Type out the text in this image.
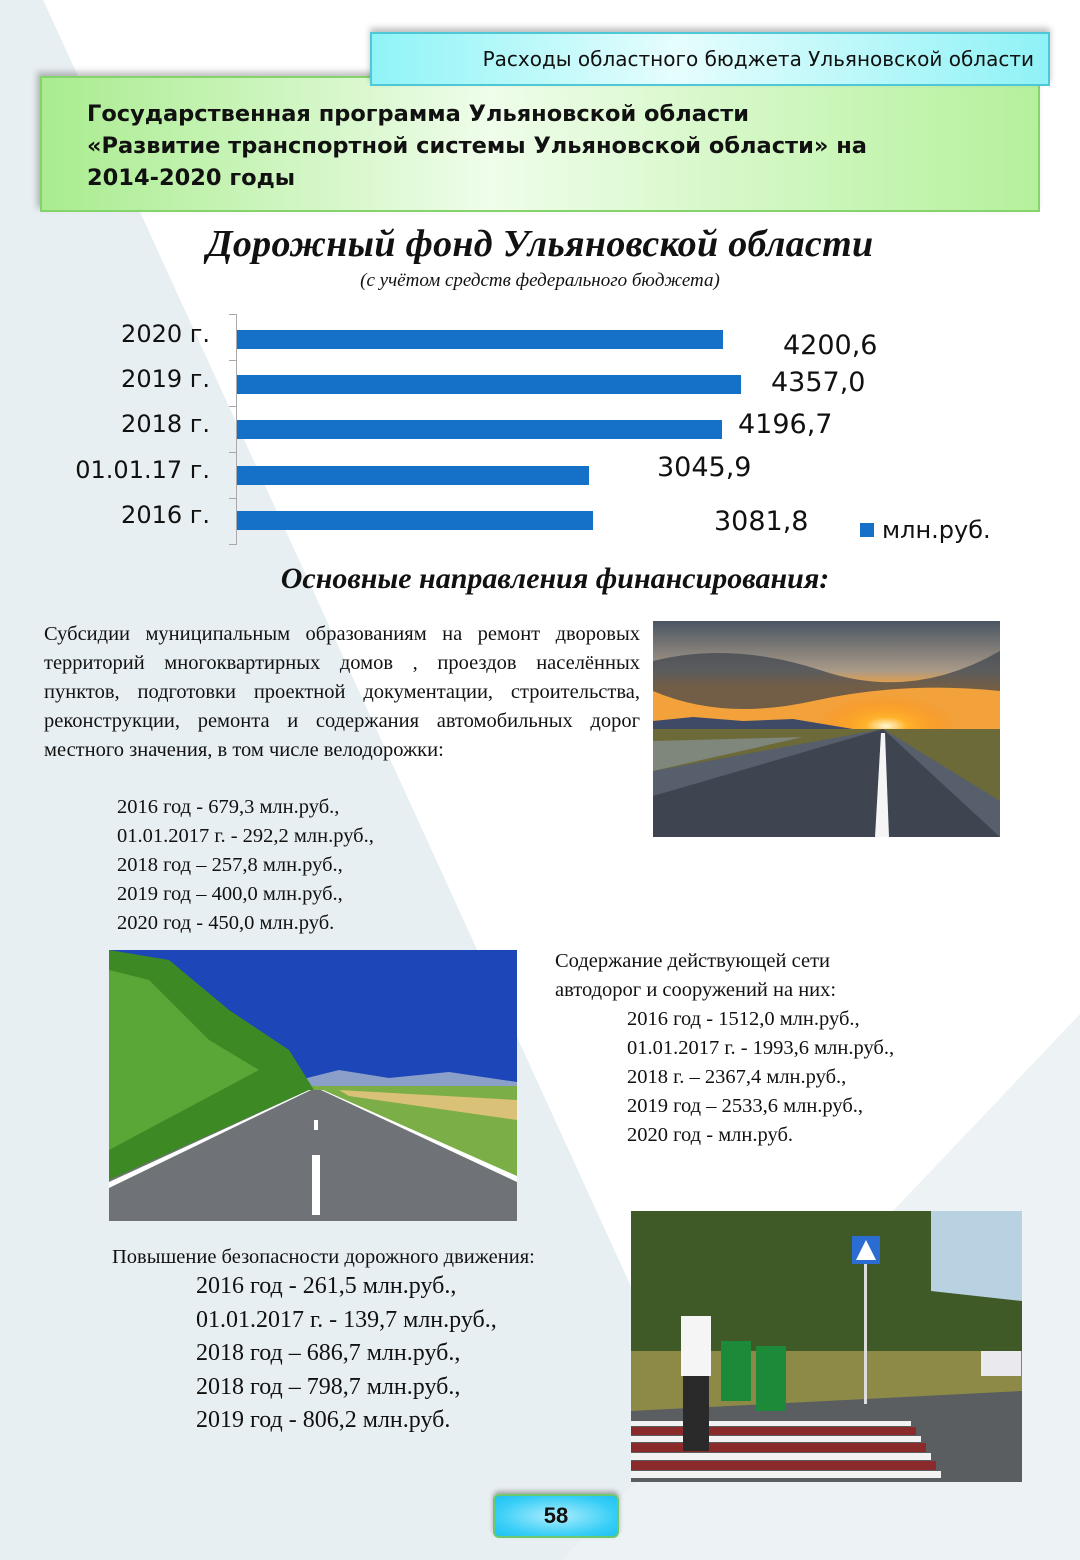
Расходы областного бюджета Ульяновской области
Государственная программа Ульяновской области
«Развитие транспортной системы Ульяновской области» на
2014-2020 годы
Дорожный фонд Ульяновской области
(с учётом средств федерального бюджета)
2020 г.	4200,6
2019 г.	4357,0
2018 г.	4196,7
01.01.17 г.	3045,9
2016 г.	3081,8	млн.руб.
Основные направления финансирования:
Субсидии муниципальным образованиям на ремонт дворовых территорий многоквартирных домов , проездов населённых пунктов, подготовки проектной документации, строительства, реконструкции, ремонта и содержания автомобильных дорог местного значения, в том числе велодорожки:
2016 год - 679,3 млн.руб.,
01.01.2017 г. - 292,2 млн.руб.,
2018 год – 257,8 млн.руб.,
2019 год – 400,0 млн.руб.,
2020 год - 450,0 млн.руб.
Содержание действующей сети
автодорог и сооружений на них:
2016 год - 1512,0 млн.руб.,
01.01.2017 г. - 1993,6 млн.руб.,
2018 г. – 2367,4 млн.руб.,
2019 год – 2533,6 млн.руб.,
2020 год - млн.руб.
Повышение безопасности дорожного движения:
2016 год - 261,5 млн.руб.,
01.01.2017 г. - 139,7 млн.руб.,
2018 год – 686,7 млн.руб.,
2018 год – 798,7 млн.руб.,
2019 год - 806,2 млн.руб.
58
